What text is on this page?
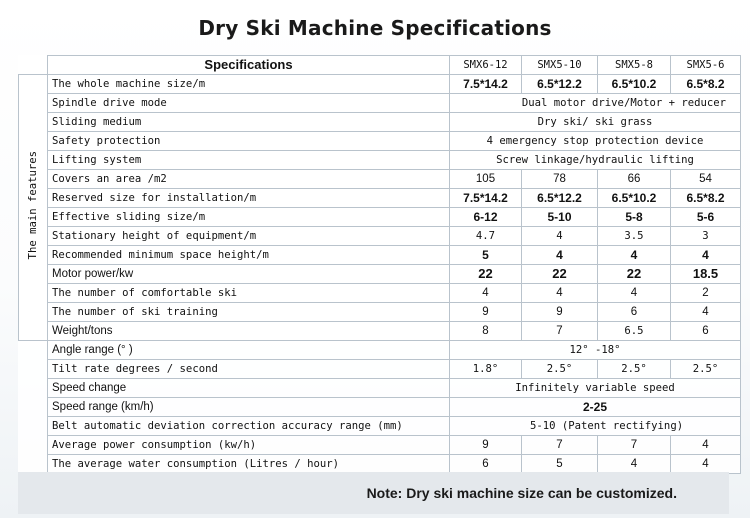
Dry Ski Machine Specifications
	Specifications	SMX6-12	SMX5-10	SMX5-8	SMX5-6
The main features	The whole machine size/m	7.5*14.2	6.5*12.2	6.5*10.2	6.5*8.2
	Spindle drive mode	Dual motor drive/Motor + reducer			
	Sliding medium	Dry ski/ ski grass			
	Safety protection	4 emergency stop protection device			
	Lifting system	Screw linkage/hydraulic lifting			
	Covers an area /m2	105	78	66	54
	Reserved size for installation/m	7.5*14.2	6.5*12.2	6.5*10.2	6.5*8.2
	Effective sliding size/m	6-12	5-10	5-8	5-6
	Stationary height of equipment/m	4.7	4	3.5	3
	Recommended minimum space height/m	5	4	4	4
	Motor power/kw	22	22	22	18.5
	The number of comfortable ski	4	4	4	2
	The number of ski training	9	9	6	4
	Weight/tons	8	7	6.5	6
	Angle range (° )	12° -18°			
	Tilt rate degrees / second	1.8°	2.5°	2.5°	2.5°
	Speed change	Infinitely variable speed			
	Speed range (km/h)	2-25			
	Belt automatic deviation correction accuracy range (mm)	5-10 (Patent rectifying)			
	Average power consumption (kw/h)	9	7	7	4
	The average water consumption (Litres / hour)	6	5	4	4
Note: Dry ski machine size can be customized.
